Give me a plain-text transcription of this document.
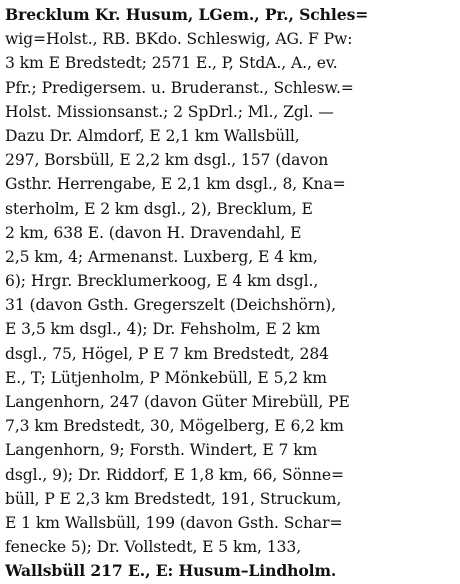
Brecklum Kr. Husum, LGem., Pr., Schles=
wig=Holst., RB. BKdo. Schleswig, AG. F Pw:
3 km E Bredstedt; 2571 E., P, StdA., A., ev.
Pfr.; Predigersem. u. Bruderanst., Schlesw.=
Holst. Missionsanst.; 2 SpDrl.; Ml., Zgl. —
Dazu Dr. Almdorf, E 2,1 km Wallsbüll,
297, Borsbüll, E 2,2 km dsgl., 157 (davon
Gsthr. Herrengabe, E 2,1 km dsgl., 8, Kna=
sterholm, E 2 km dsgl., 2), Brecklum, E
2 km, 638 E. (davon H. Dravendahl, E
2,5 km, 4; Armenanst. Luxberg, E 4 km,
6); Hrgr. Brecklumerkoog, E 4 km dsgl.,
31 (davon Gsth. Gregerszelt (Deichshörn),
E 3,5 km dsgl., 4); Dr. Fehsholm, E 2 km
dsgl., 75, Högel, P E 7 km Bredstedt, 284
E., T; Lütjenholm, P Mönkebüll, E 5,2 km
Langenhorn, 247 (davon Güter Mirebüll, PE
7,3 km Bredstedt, 30, Mögelberg, E 6,2 km
Langenhorn, 9; Forsth. Windert, E 7 km
dsgl., 9); Dr. Riddorf, E 1,8 km, 66, Sönne=
büll, P E 2,3 km Bredstedt, 191, Struckum,
E 1 km Wallsbüll, 199 (davon Gsth. Schar=
fenecke 5); Dr. Vollstedt, E 5 km, 133,
Wallsbüll 217 E., E: Husum–Lindholm.
